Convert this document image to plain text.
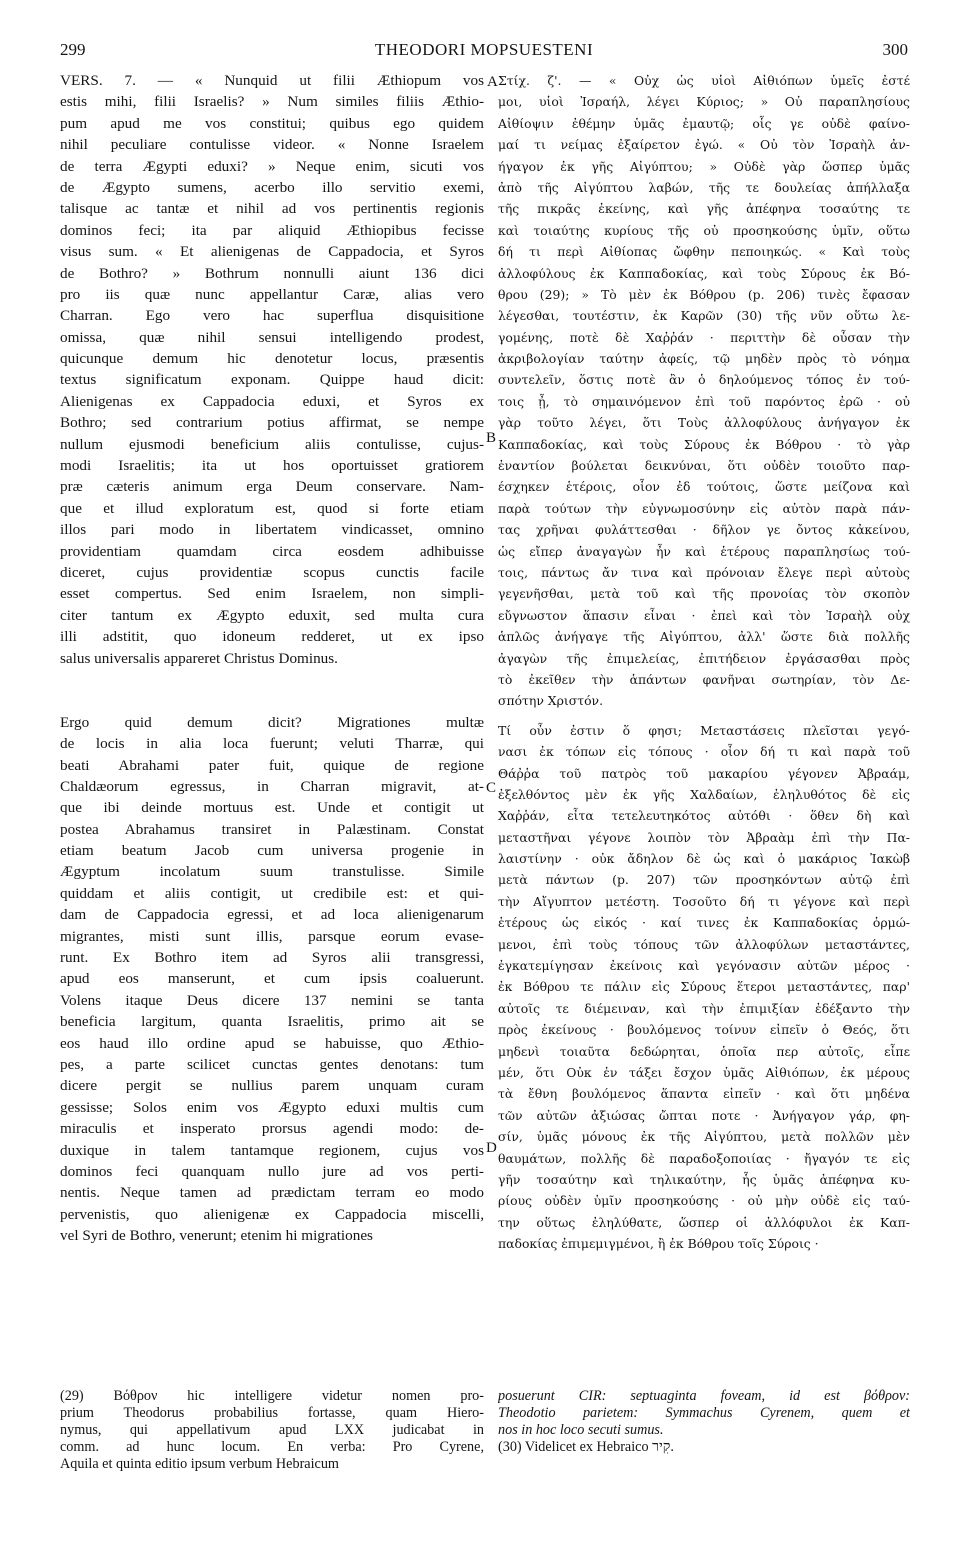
299	THEODORI MOPSUESTENI	300
A
B
C
D
VERS. 7. — « Nunquid ut filii Æthiopum vos
estis mihi, filii Israelis? » Num similes filiis Æthio-
pum apud me vos constitui; quibus ego quidem
nihil peculiare contulisse videor. « Nonne Israelem
de terra Ægypti eduxi? » Neque enim, sicuti vos
de Ægypto sumens, acerbo illo servitio exemi,
talisque ac tantæ et nihil ad vos pertinentis regionis
dominos feci; ita par aliquid Æthiopibus fecisse
visus sum. « Et alienigenas de Cappadocia, et Syros
de Bothro? » Bothrum nonnulli aiunt 136 dici
pro iis quæ nunc appellantur Caræ, alias vero
Charran. Ego vero hac superflua disquisitione
omissa, quæ nihil sensui intelligendo prodest,
quicunque demum hic denotetur locus, præsentis
textus significatum exponam. Quippe haud dicit:
Alienigenas ex Cappadocia eduxi, et Syros ex
Bothro; sed contrarium potius affirmat, se nempe
nullum ejusmodi beneficium aliis contulisse, cujus-
modi Israelitis; ita ut hos oportuisset gratiorem
præ cæteris animum erga Deum conservare. Nam-
que et illud exploratum est, quod si forte etiam
illos pari modo in libertatem vindicasset, omnino
providentiam quamdam circa eosdem adhibuisse
diceret, cujus providentiæ scopus cunctis facile
esset compertus. Sed enim Israelem, non simpli-
citer tantum ex Ægypto eduxit, sed multa cura
illi adstitit, quo idoneum redderet, ut ex ipso
salus universalis appareret Christus Dominus.
Ergo quid demum dicit? Migrationes multæ
de locis in alia loca fuerunt; veluti Tharræ, qui
beati Abrahami pater fuit, quique de regione
Chaldæorum egressus, in Charran migravit, at-
que ibi deinde mortuus est. Unde et contigit ut
postea Abrahamus transiret in Palæstinam. Constat
etiam beatum Jacob cum universa progenie in
Ægyptum incolatum suum transtulisse. Simile
quiddam et aliis contigit, ut credibile est: et qui-
dam de Cappadocia egressi, et ad loca alienigenarum
migrantes, misti sunt illis, parsque eorum evase-
runt. Ex Bothro item ad Syros alii transgressi,
apud eos manserunt, et cum ipsis coaluerunt.
Volens itaque Deus dicere 137 nemini se tanta
beneficia largitum, quanta Israelitis, primo ait se
eos haud illo ordine apud se habuisse, quo Æthio-
pes, a parte scilicet cunctas gentes denotans: tum
dicere pergit se nullius parem unquam curam
gessisse; Solos enim vos Ægypto eduxi multis cum
miraculis et insperato prorsus agendi modo: de-
duxique in talem tantamque regionem, cujus vos
dominos feci quanquam nullo jure ad vos perti-
nentis. Neque tamen ad prædictam terram eo modo
pervenistis, quo alienigenæ ex Cappadocia miscelli,
vel Syri de Bothro, venerunt; etenim hi migrationes
Στίχ. ζ'. — « Οὐχ ὡς υἱοὶ Αἰθιόπων ὑμεῖς ἐστέ
μοι, υἱοὶ Ἰσραήλ, λέγει Κύριος; » Οὐ παραπλησίους
Αἰθίοψιν ἐθέμην ὑμᾶς ἐμαυτῷ; οἷς γε οὐδὲ φαίνο-
μαί τι νείμας ἐξαίρετον ἐγώ. « Οὐ τὸν Ἰσραὴλ ἀν-
ήγαγον ἐκ γῆς Αἰγύπτου; » Οὐδὲ γὰρ ὥσπερ ὑμᾶς
ἀπὸ τῆς Αἰγύπτου λαβών, τῆς τε δουλείας ἀπήλλαξα
τῆς πικρᾶς ἐκείνης, καὶ γῆς ἀπέφηνα τοσαύτης τε
καὶ τοιαύτης κυρίους τῆς οὐ προσηκούσης ὑμῖν, οὕτω
δή τι περὶ Αἰθίοπας ὤφθην πεποιηκώς. « Καὶ τοὺς
ἀλλοφύλους ἐκ Καππαδοκίας, καὶ τοὺς Σύρους ἐκ Βό-
θρου (29); » Τὸ μὲν ἐκ Βόθρου (p. 206) τινὲς ἔφασαν
λέγεσθαι, τουτέστιν, ἐκ Καρῶν (30) τῆς νῦν οὕτω λε-
γομένης, ποτὲ δὲ Χαῤῥάν · περιττὴν δὲ οὖσαν τὴν
ἀκριβολογίαν ταύτην ἀφείς, τῷ μηδὲν πρὸς τὸ νόημα
συντελεῖν, ὅστις ποτὲ ἂν ὁ δηλούμενος τόπος ἐν τού-
τοις ᾖ, τὸ σημαινόμενον ἐπὶ τοῦ παρόντος ἐρῶ · οὐ
γὰρ τοῦτο λέγει, ὅτι Τοὺς ἀλλοφύλους ἀνήγαγον ἐκ
Καππαδοκίας, καὶ τοὺς Σύρους ἐκ Βόθρου · τὸ γὰρ
ἐναντίον βούλεται δεικνύναι, ὅτι οὐδὲν τοιοῦτο παρ-
έσχηκεν ἑτέροις, οἷον ἐδ τούτοις, ὥστε μείζονα καὶ
παρὰ τούτων τὴν εὐγνωμοσύνην εἰς αὐτὸν παρὰ πάν-
τας χρῆναι φυλάττεσθαι · δῆλον γε ὄντος κἀκείνου,
ὡς εἴπερ ἀναγαγὼν ἦν καὶ ἑτέρους παραπλησίως τού-
τοις, πάντως ἄν τινα καὶ πρόνοιαν ἔλεγε περὶ αὐτοὺς
γεγενῆσθαι, μετὰ τοῦ καὶ τῆς προνοίας τὸν σκοπὸν
εὔγνωστον ἅπασιν εἶναι · ἐπεὶ καὶ τὸν Ἰσραὴλ οὐχ
ἁπλῶς ἀνήγαγε τῆς Αἰγύπτου, ἀλλ' ὥστε διὰ πολλῆς
ἀγαγὼν τῆς ἐπιμελείας, ἐπιτήδειον ἐργάσασθαι πρὸς
τὸ ἐκεῖθεν τὴν ἁπάντων φανῆναι σωτηρίαν, τὸν Δε-
σπότην Χριστόν.
Τί οὖν ἐστιν ὅ φησι; Μεταστάσεις πλεῖσται γεγό-
νασι ἐκ τόπων εἰς τόπους · οἷον δή τι καὶ παρὰ τοῦ
Θάῤῥα τοῦ πατρὸς τοῦ μακαρίου γέγονεν Ἀβραάμ,
ἐξελθόντος μὲν ἐκ γῆς Χαλδαίων, ἐληλυθότος δὲ εἰς
Χαῤῥάν, εἶτα τετελευτηκότος αὐτόθι · ὅθεν δὴ καὶ
μεταστῆναι γέγονε λοιπὸν τὸν Ἀβραὰμ ἐπὶ τὴν Πα-
λαιστίνην · οὐκ ἄδηλον δὲ ὡς καὶ ὁ μακάριος Ἰακὼβ
μετὰ πάντων (p. 207) τῶν προσηκόντων αὐτῷ ἐπὶ
τὴν Αἴγυπτον μετέστη. Τοσοῦτο δή τι γέγονε καὶ περὶ
ἑτέρους ὡς εἰκός · καί τινες ἐκ Καππαδοκίας ὁρμώ-
μενοι, ἐπὶ τοὺς τόπους τῶν ἀλλοφύλων μεταστάντες,
ἐγκατεμίγησαν ἐκείνοις καὶ γεγόνασιν αὐτῶν μέρος ·
ἐκ Βόθρου τε πάλιν εἰς Σύρους ἕτεροι μεταστάντες, παρ'
αὐτοῖς τε διέμειναν, καὶ τὴν ἐπιμιξίαν ἐδέξαντο τὴν
πρὸς ἐκείνους · βουλόμενος τοίνυν εἰπεῖν ὁ Θεός, ὅτι
μηδενὶ τοιαῦτα δεδώρηται, ὁποῖα περ αὐτοῖς, εἶπε
μέν, ὅτι Οὐκ ἐν τάξει ἔσχον ὑμᾶς Αἰθιόπων, ἐκ μέρους
τὰ ἔθνη βουλόμενος ἅπαντα εἰπεῖν · καὶ ὅτι μηδένα
τῶν αὐτῶν ἀξιώσας ὤπται ποτε · Ἀνήγαγον γάρ, φη-
σίν, ὑμᾶς μόνους ἐκ τῆς Αἰγύπτου, μετὰ πολλῶν μὲν
θαυμάτων, πολλῆς δὲ παραδοξοποιίας · ἤγαγόν τε εἰς
γῆν τοσαύτην καὶ τηλικαύτην, ἧς ὑμᾶς ἀπέφηνα κυ-
ρίους οὐδὲν ὑμῖν προσηκούσης · οὐ μὴν οὐδὲ εἰς ταύ-
την οὕτως ἐληλύθατε, ὥσπερ οἱ ἀλλόφυλοι ἐκ Καπ-
παδοκίας ἐπιμεμιγμένοι, ἢ ἐκ Βόθρου τοῖς Σύροις ·
(29) Βόθρον hic intelligere videtur nomen pro-
prium Theodorus probabilius fortasse, quam Hiero-
nymus, qui appellativum apud LXX judicabat in
comm. ad hunc locum. En verba: Pro Cyrene,
Aquila et quinta editio ipsum verbum Hebraicum
posuerunt CIR: septuaginta foveam, id est βόθρον:
Theodotio parietem: Symmachus Cyrenem, quem et
nos in hoc loco secuti sumus.
(30) Videlicet ex Hebraico קִיר.
